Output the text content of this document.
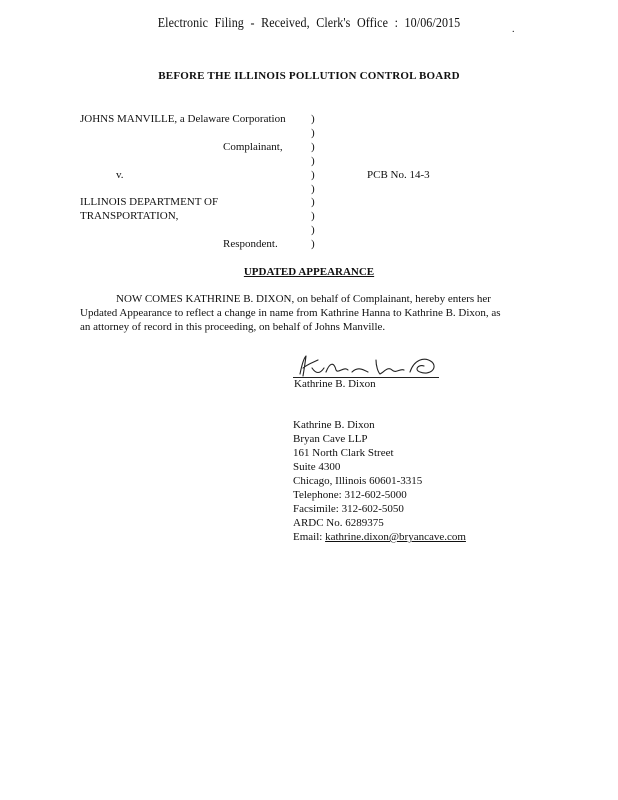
Electronic Filing - Received, Clerk's Office : 10/06/2015	.
BEFORE THE ILLINOIS POLLUTION CONTROL BOARD
JOHNS MANVILLE, a Delaware Corporation
Complainant,
v.	PCB No. 14-3
ILLINOIS DEPARTMENT OF
TRANSPORTATION,
Respondent.
)
)
)
)
)
)
)
)
)
)
UPDATED APPEARANCE

NOW COMES KATHRINE B. DIXON, on behalf of Complainant, hereby enters her

Updated Appearance to reflect a change in name from Kathrine Hanna to Kathrine B. Dixon, as

an attorney of record in this proceeding, on behalf of Johns Manville.

Kathrine B. Dixon
Kathrine B. Dixon
Bryan Cave LLP
161 North Clark Street
Suite 4300
Chicago, Illinois 60601-3315
Telephone: 312-602-5000
Facsimile: 312-602-5050
ARDC No. 6289375
Email: kathrine.dixon@bryancave.com
